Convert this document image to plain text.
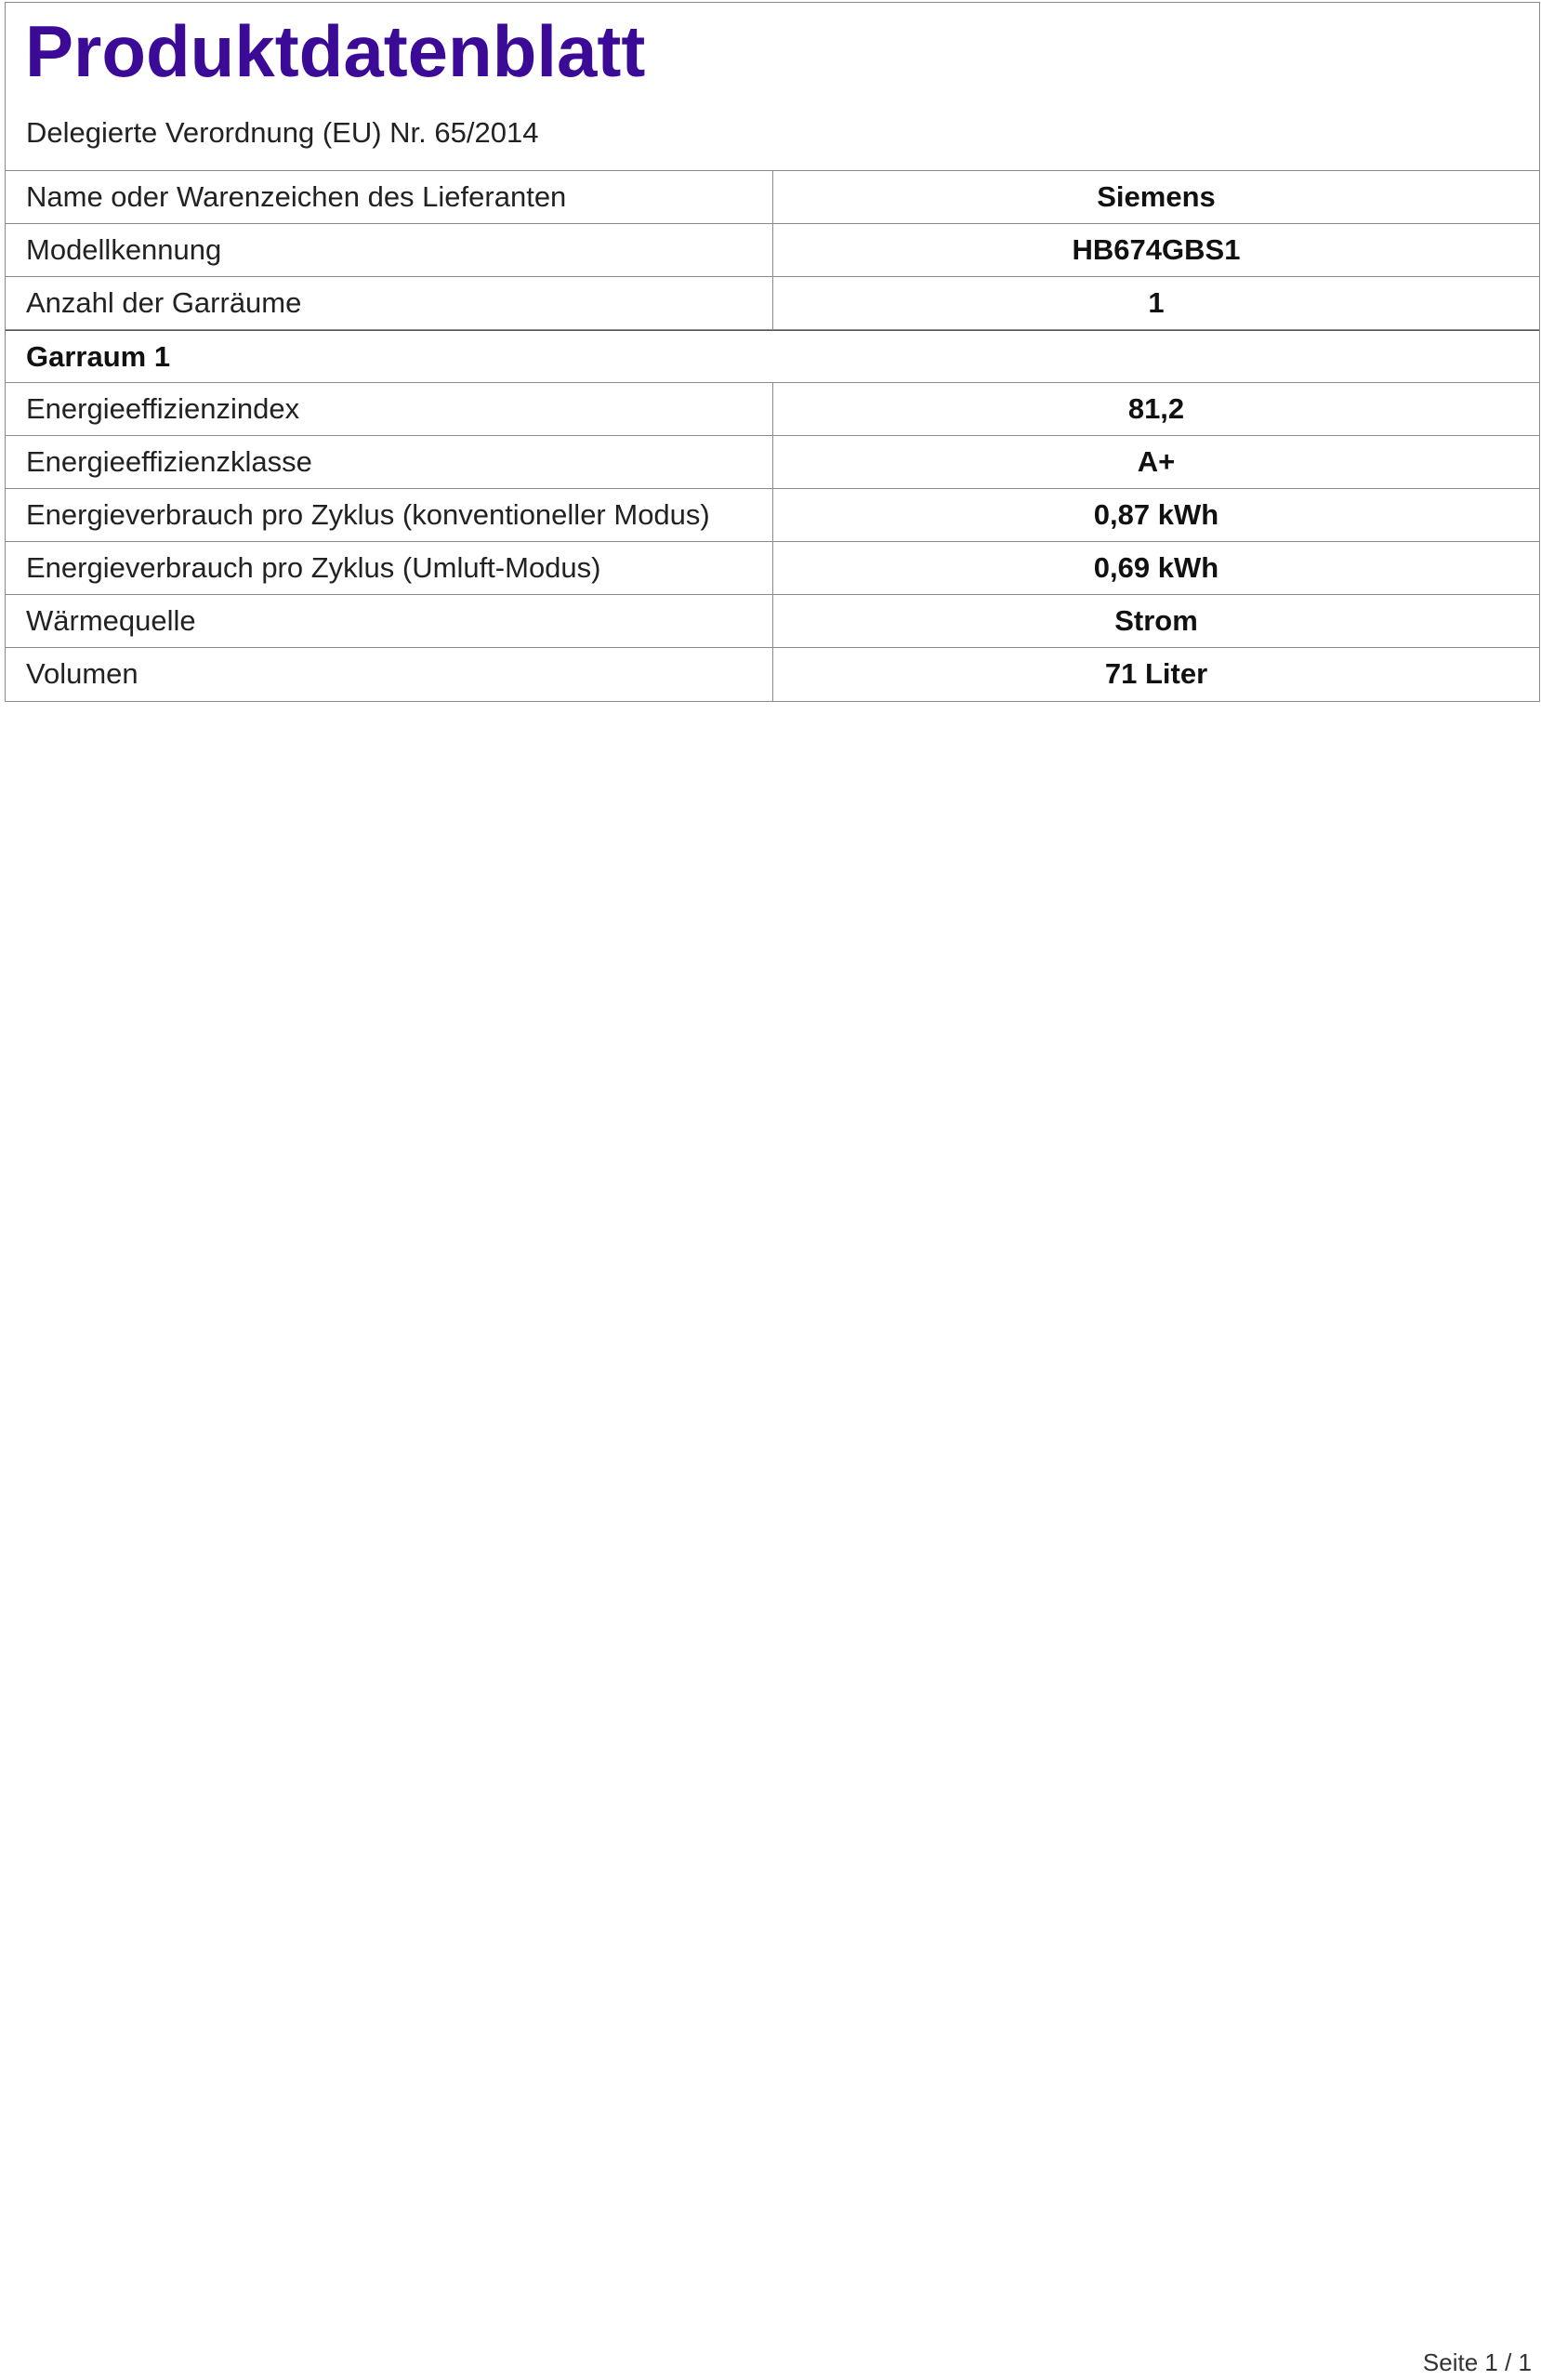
Produktdatenblatt

Delegierte Verordnung (EU) Nr. 65/2014

Name oder Warenzeichen des Lieferanten	Siemens
Modellkennung	HB674GBS1
Anzahl der Garräume	1
Garraum 1
Energieeffizienzindex	81,2
Energieeffizienzklasse	A+
Energieverbrauch pro Zyklus (konventioneller Modus)	0,87 kWh
Energieverbrauch pro Zyklus (Umluft-Modus)	0,69 kWh
Wärmequelle	Strom
Volumen	71 Liter
Seite 1 / 1
